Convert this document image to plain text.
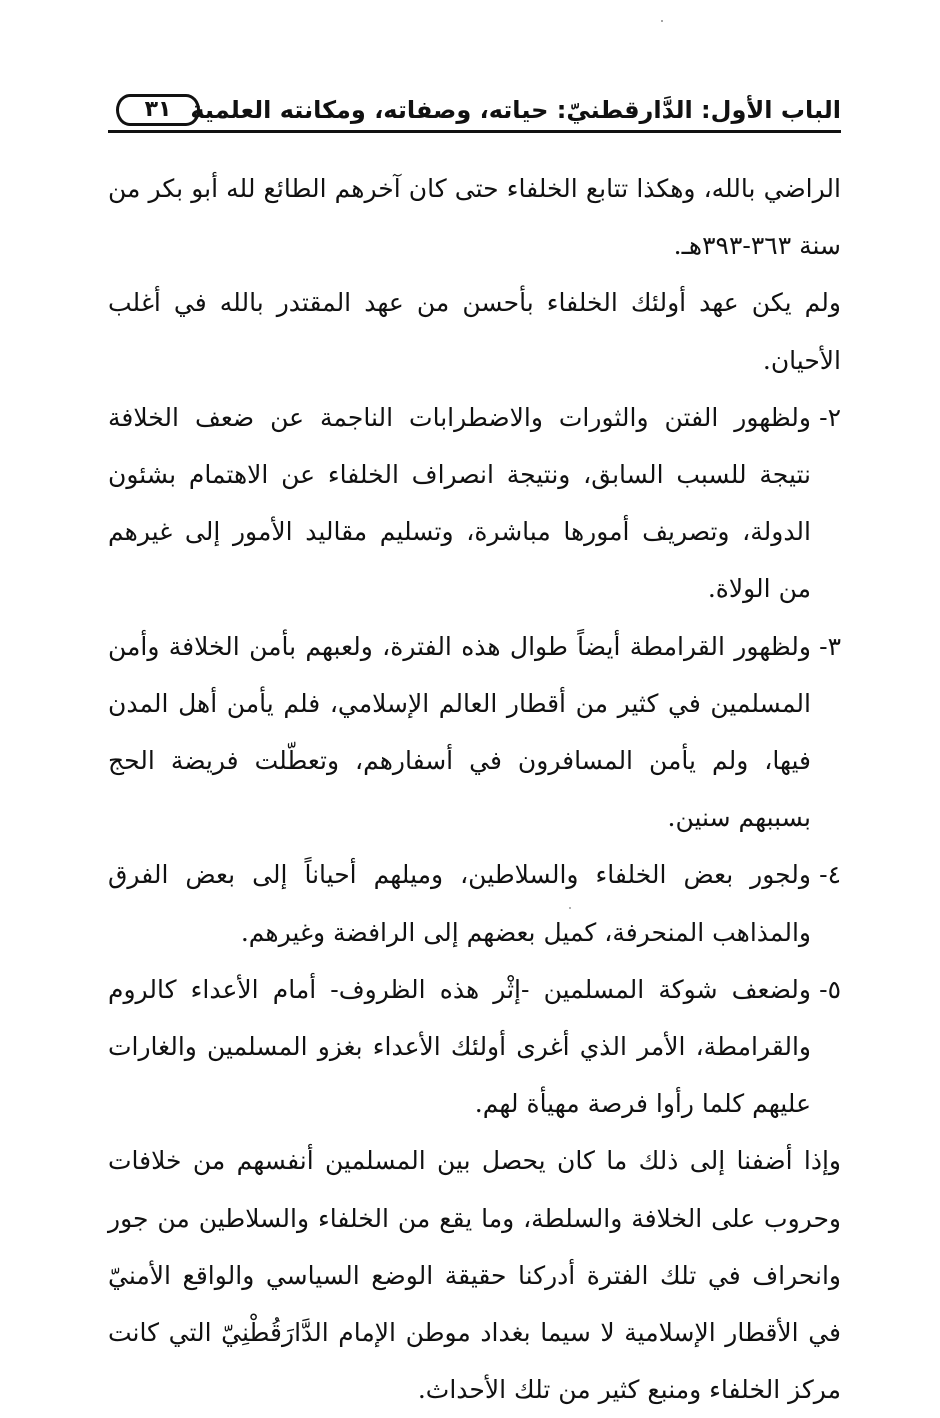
الباب الأول: الدَّارقطنيّ: حياته، وصفاته، ومكانته العلمية
٣١

الراضي بالله، وهكذا تتابع الخلفاء حتى كان آخرهم الطائع لله أبو بكر من سنة ٣٦٣-٣٩٣هـ.

ولم يكن عهد أولئك الخلفاء بأحسن من عهد المقتدر بالله في أغلب الأحيان.

٢-
ولظهور الفتن والثورات والاضطرابات الناجمة عن ضعف الخلافة نتيجة للسبب السابق، ونتيجة انصراف الخلفاء عن الاهتمام بشئون الدولة، وتصريف أمورها مباشرة، وتسليم مقاليد الأمور إلى غيرهم من الولاة.
٣-
ولظهور القرامطة أيضاً طوال هذه الفترة، ولعبهم بأمن الخلافة وأمن المسلمين في كثير من أقطار العالم الإسلامي، فلم يأمن أهل المدن فيها، ولم يأمن المسافرون في أسفارهم، وتعطّلت فريضة الحج بسببهم سنين.
٤-
ولجور بعض الخلفاء والسلاطين، وميلهم أحياناً إلى بعض الفرق والمذاهب المنحرفة، كميل بعضهم إلى الرافضة وغيرهم.
٥-
ولضعف شوكة المسلمين -إثْر هذه الظروف- أمام الأعداء كالروم والقرامطة، الأمر الذي أغرى أولئك الأعداء بغزو المسلمين والغارات عليهم كلما رأوا فرصة مهيأة لهم.

وإذا أضفنا إلى ذلك ما كان يحصل بين المسلمين أنفسهم من خلافات وحروب على الخلافة والسلطة، وما يقع من الخلفاء والسلاطين من جور وانحراف في تلك الفترة أدركنا حقيقة الوضع السياسي والواقع الأمنيّ في الأقطار الإسلامية لا سيما بغداد موطن الإمام الدَّارَقُطْنِيّ التي كانت مركز الخلفاء ومنبع كثير من تلك الأحداث.
